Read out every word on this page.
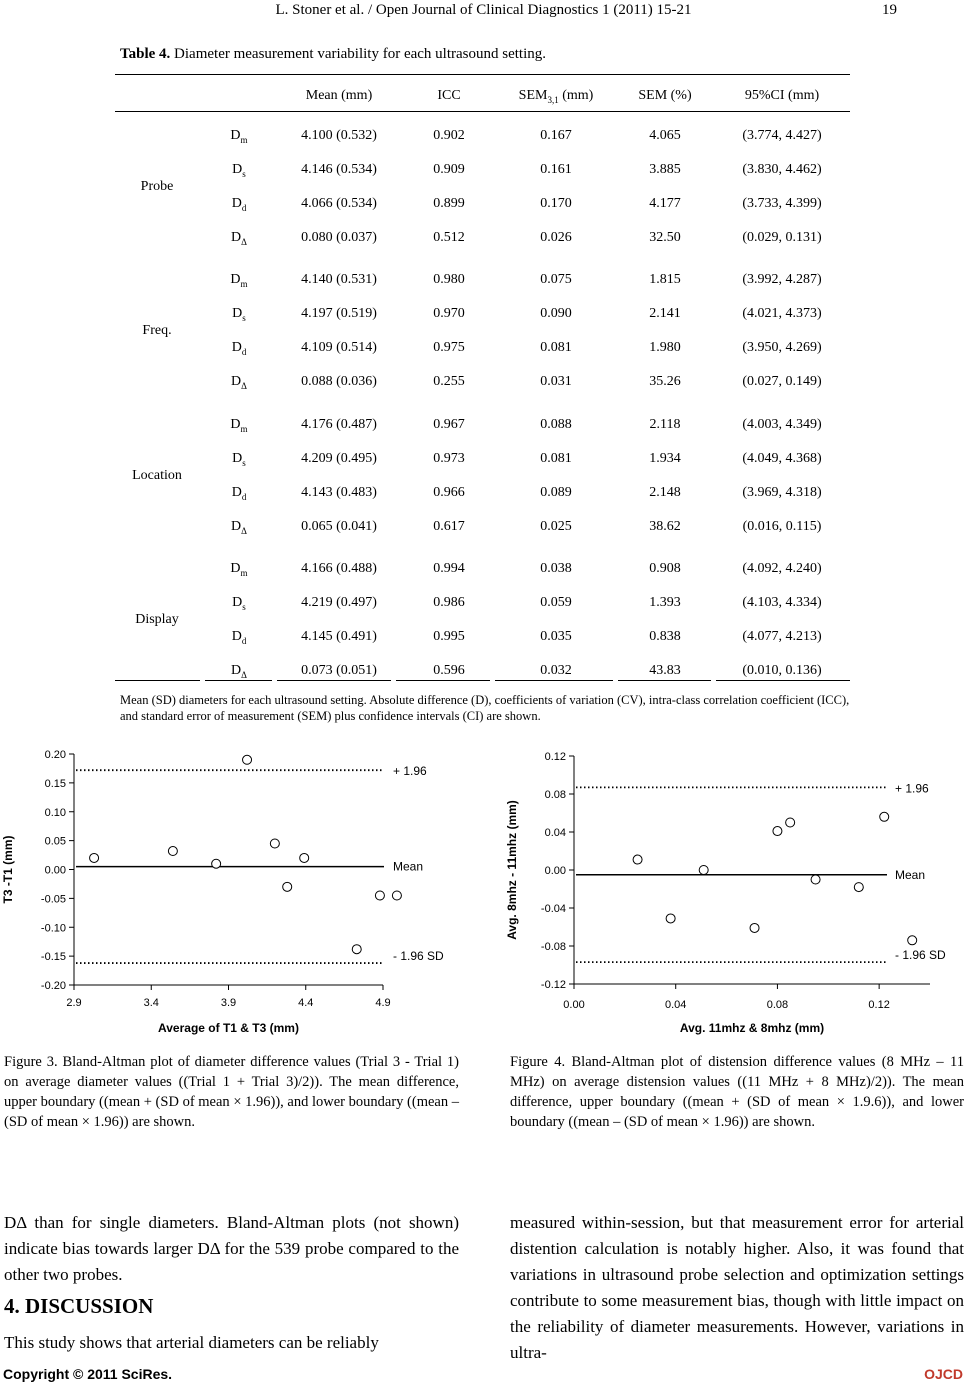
L. Stoner et al. / Open Journal of Clinical Diagnostics 1 (2011) 15-21	19
Table 4. Diameter measurement variability for each ultrasound setting.
Mean (mm)	ICC	$SEM_{3,1}$ (mm)	SEM (%)	95%CI (mm)
Probe
$D_m$	4.100 (0.532)	0.902	0.167	4.065	(3.774, 4.427)
$D_s$	4.146 (0.534)	0.909	0.161	3.885	(3.830, 4.462)
$D_d$	4.066 (0.534)	0.899	0.170	4.177	(3.733, 4.399)
$D_\Delta$	0.080 (0.037)	0.512	0.026	32.50	(0.029, 0.131)
Freq.
$D_m$	4.140 (0.531)	0.980	0.075	1.815	(3.992, 4.287)
$D_s$	4.197 (0.519)	0.970	0.090	2.141	(4.021, 4.373)
$D_d$	4.109 (0.514)	0.975	0.081	1.980	(3.950, 4.269)
$D_\Delta$	0.088 (0.036)	0.255	0.031	35.26	(0.027, 0.149)
Location
$D_m$	4.176 (0.487)	0.967	0.088	2.118	(4.003, 4.349)
$D_s$	4.209 (0.495)	0.973	0.081	1.934	(4.049, 4.368)
$D_d$	4.143 (0.483)	0.966	0.089	2.148	(3.969, 4.318)
$D_\Delta$	0.065 (0.041)	0.617	0.025	38.62	(0.016, 0.115)
Display
$D_m$	4.166 (0.488)	0.994	0.038	0.908	(4.092, 4.240)
$D_s$	4.219 (0.497)	0.986	0.059	1.393	(4.103, 4.334)
$D_d$	4.145 (0.491)	0.995	0.035	0.838	(4.077, 4.213)
$D_\Delta$	0.073 (0.051)	0.596	0.032	43.83	(0.010, 0.136)
Mean (SD) diameters for each ultrasound setting. Absolute difference (D), coefficients of variation (CV), intra-class correlation coefficient (ICC), and standard error of measurement (SEM) plus confidence intervals (CI) are shown.
0.20
0.15
0.10
0.05
0.00
-0.05
-0.10
-0.15
-0.20
2.9	3.4	3.9	4.4	4.9
Average of T1 & T3 (mm)
T3 -T1 (mm)
+ 1.96
Mean
- 1.96 SD
0.12
0.08
0.04
0.00
-0.04
-0.08
-0.12
0.00	0.04	0.08	0.12
Avg. 11mhz & 8mhz (mm)
Avg. 8mhz - 11mhz (mm)
+ 1.96
Mean
- 1.96 SD
Figure 3. Bland-Altman plot of diameter difference values (Trial 3 - Trial 1) on average diameter values ((Trial 1 + Trial 3)/2)). The mean difference, upper boundary ((mean + (SD of mean × 1.96)), and lower boundary ((mean – (SD of mean × 1.96)) are shown.
Figure 4. Bland-Altman plot of distension difference values (8 MHz – 11 MHz) on average distension values ((11 MHz + 8 MHz)/2)). The mean difference, upper boundary ((mean + (SD of mean × 1.9.6)), and lower boundary ((mean – (SD of mean × 1.96)) are shown.
DΔ than for single diameters. Bland-Altman plots (not shown) indicate bias towards larger DΔ for the 539 probe compared to the other two probes.
4. DISCUSSION
This study shows that arterial diameters can be reliably
measured within-session, but that measurement error for arterial distention calculation is notably higher. Also, it was found that variations in ultrasound probe selection and optimization settings contribute to some measurement bias, though with little impact on the reliability of diameter measurements. However, variations in ultra-
Copyright © 2011 SciRes.	OJCD
